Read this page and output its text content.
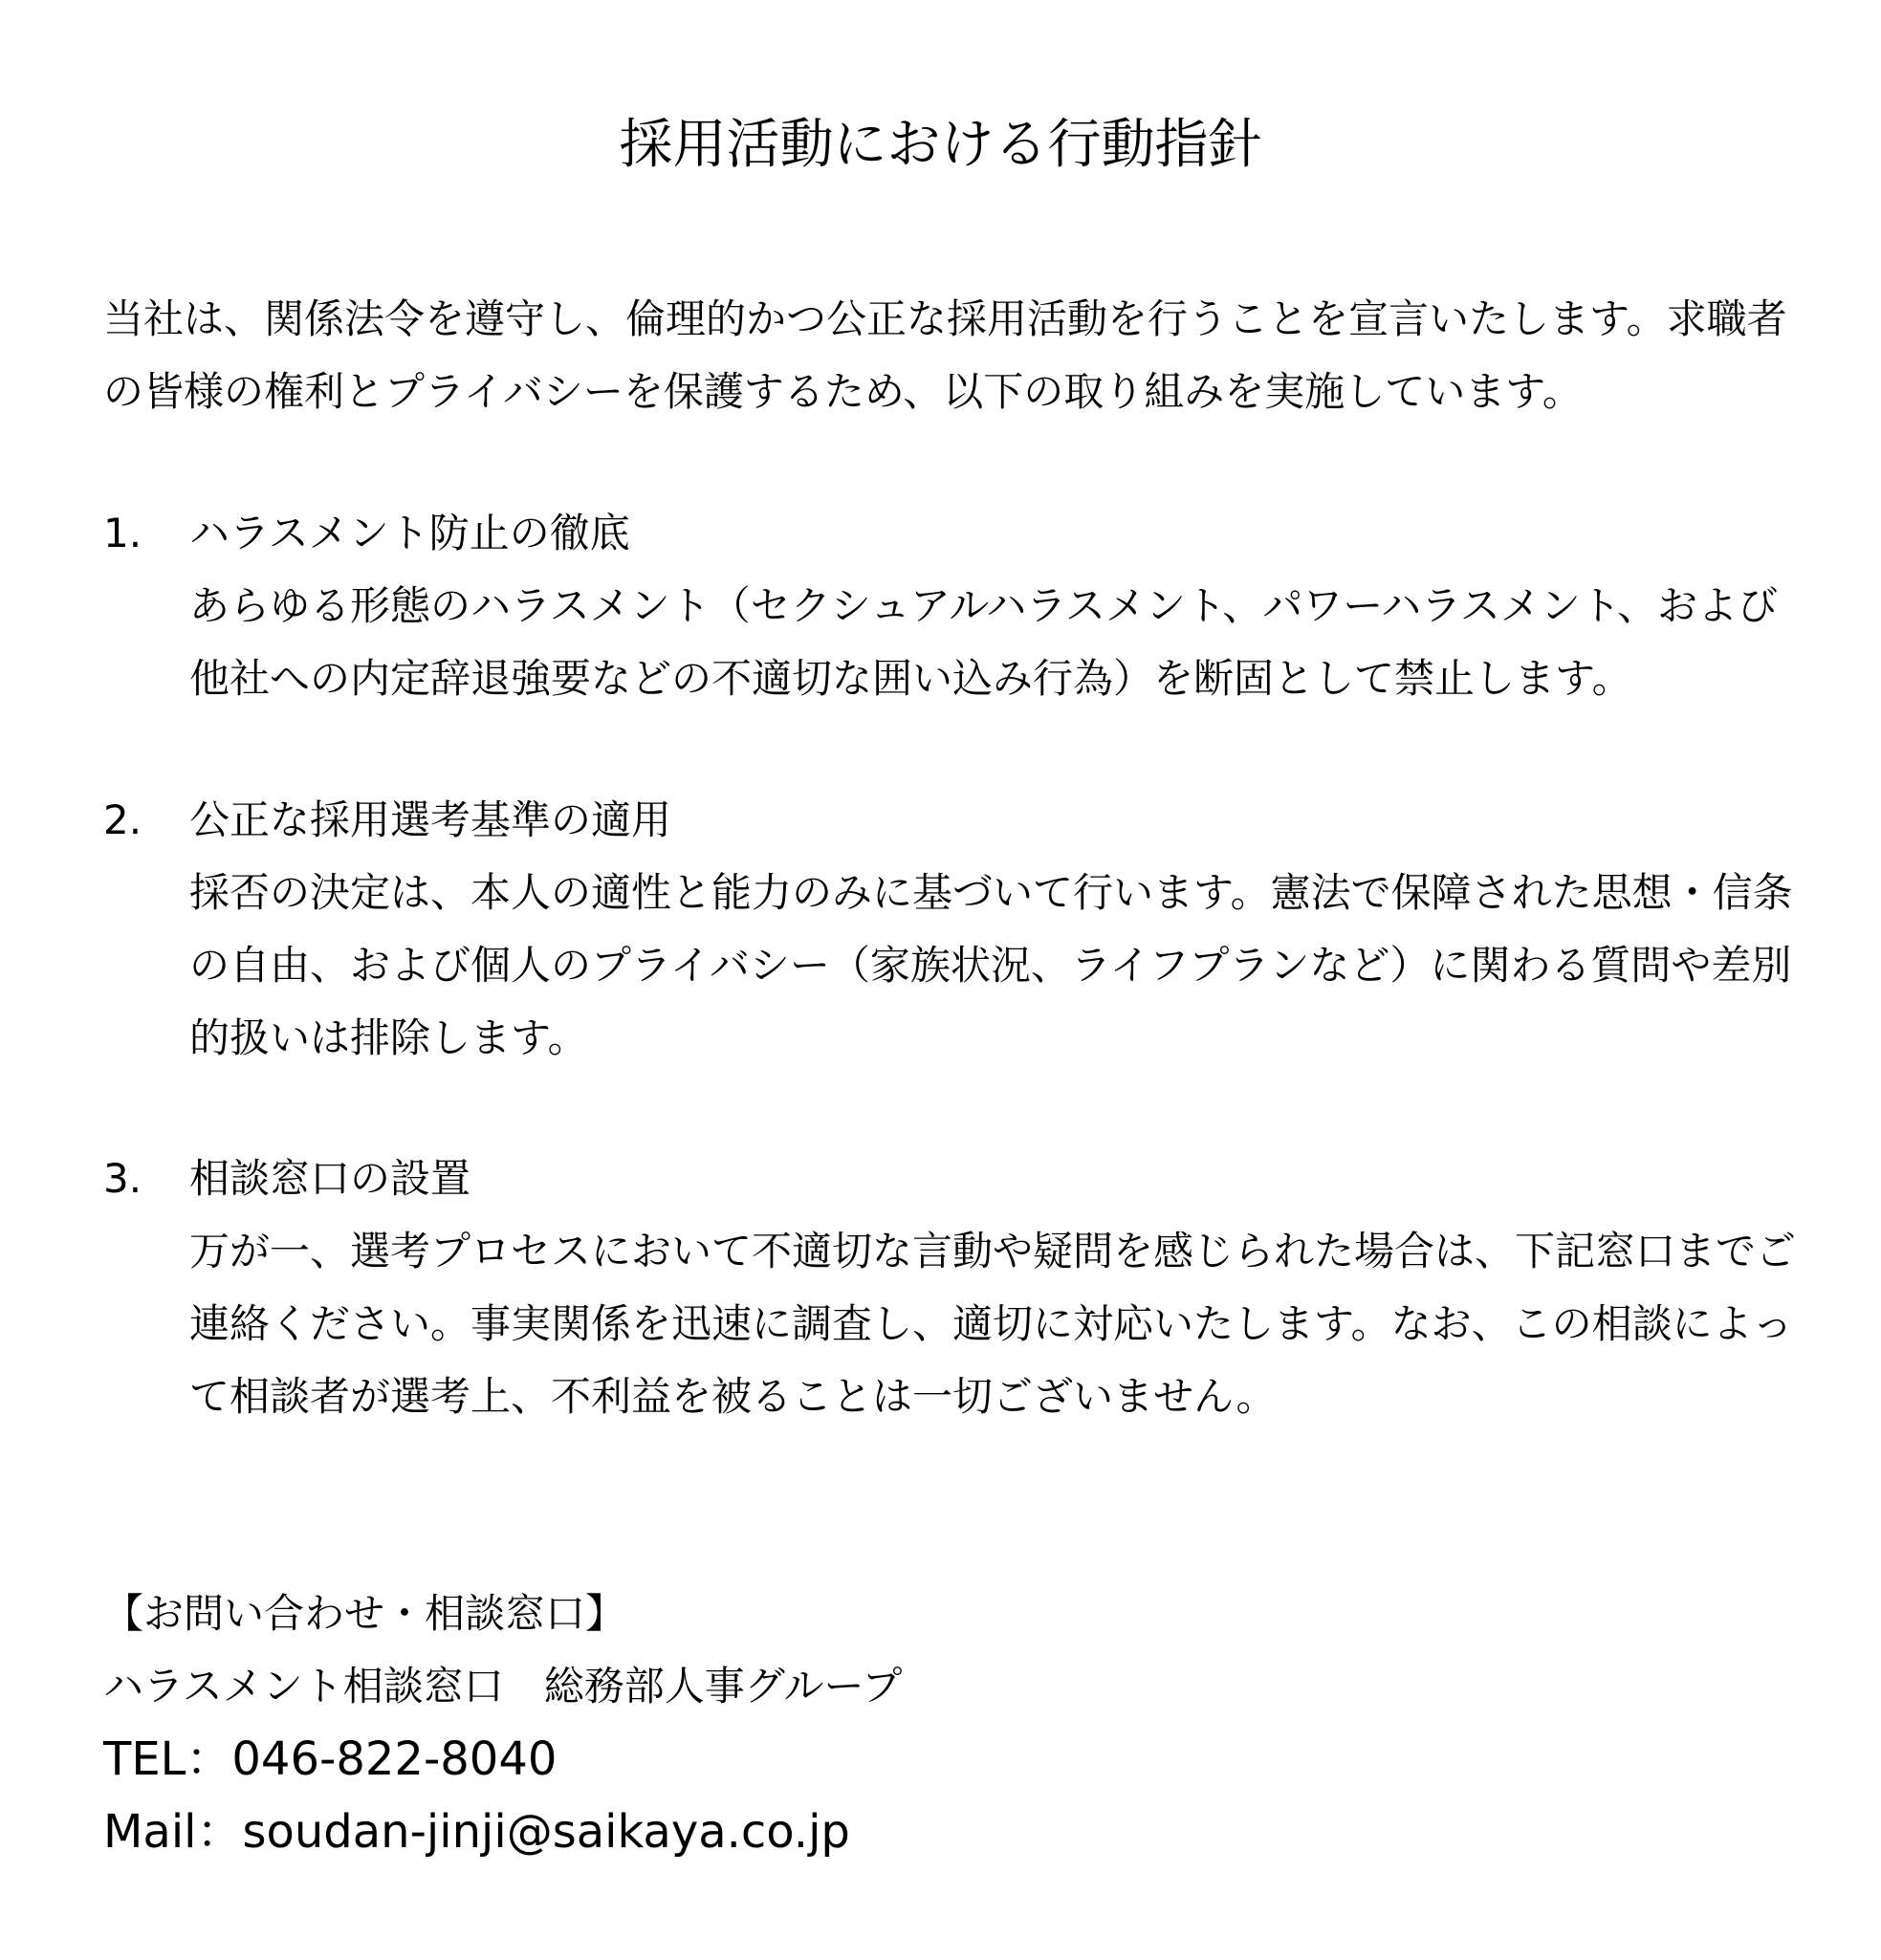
採用活動における行動指針

当社は、関係法令を遵守し、倫理的かつ公正な採用活動を行うことを宣言いたします。求職者の皆様の権利とプライバシーを保護するため、以下の取り組みを実施しています。

1.	ハラスメント防止の徹底
あらゆる形態のハラスメント（セクシュアルハラスメント、パワーハラスメント、および他社への内定辞退強要などの不適切な囲い込み行為）を断固として禁止します。
2.	公正な採用選考基準の適用
採否の決定は、本人の適性と能力のみに基づいて行います。憲法で保障された思想・信条の自由、および個人のプライバシー（家族状況、ライフプランなど）に関わる質問や差別的扱いは排除します。
3.	相談窓口の設置
万が一、選考プロセスにおいて不適切な言動や疑問を感じられた場合は、下記窓口までご連絡ください。事実関係を迅速に調査し、適切に対応いたします。なお、この相談によって相談者が選考上、不利益を被ることは一切ございません。
【お問い合わせ・相談窓口】
ハラスメント相談窓口　総務部人事グループ
TEL：046-822-8040
Mail：soudan-jinji@saikaya.co.jp
